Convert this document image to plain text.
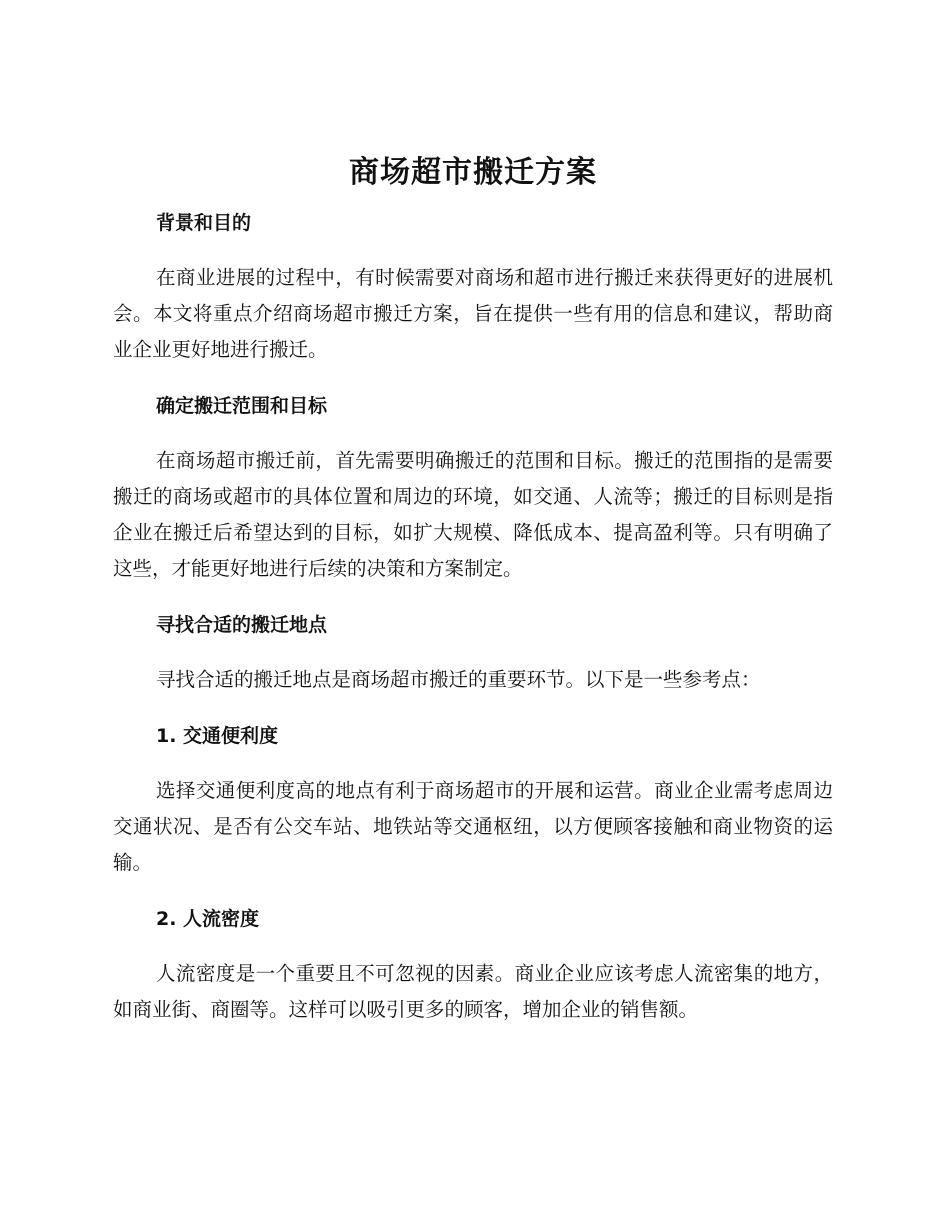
商场超市搬迁方案
背景和目的

在商业进展的过程中，有时候需要对商场和超市进行搬迁来获得更好的进展机会。本文将重点介绍商场超市搬迁方案，旨在提供一些有用的信息和建议，帮助商业企业更好地进行搬迁。

确定搬迁范围和目标

在商场超市搬迁前，首先需要明确搬迁的范围和目标。搬迁的范围指的是需要搬迁的商场或超市的具体位置和周边的环境，如交通、人流等；搬迁的目标则是指企业在搬迁后希望达到的目标，如扩大规模、降低成本、提高盈利等。只有明确了这些，才能更好地进行后续的决策和方案制定。

寻找合适的搬迁地点

寻找合适的搬迁地点是商场超市搬迁的重要环节。以下是一些参考点：

1. 交通便利度

选择交通便利度高的地点有利于商场超市的开展和运营。商业企业需考虑周边交通状况、是否有公交车站、地铁站等交通枢纽，以方便顾客接触和商业物资的运输。

2. 人流密度

人流密度是一个重要且不可忽视的因素。商业企业应该考虑人流密集的地方，如商业街、商圈等。这样可以吸引更多的顾客，增加企业的销售额。
